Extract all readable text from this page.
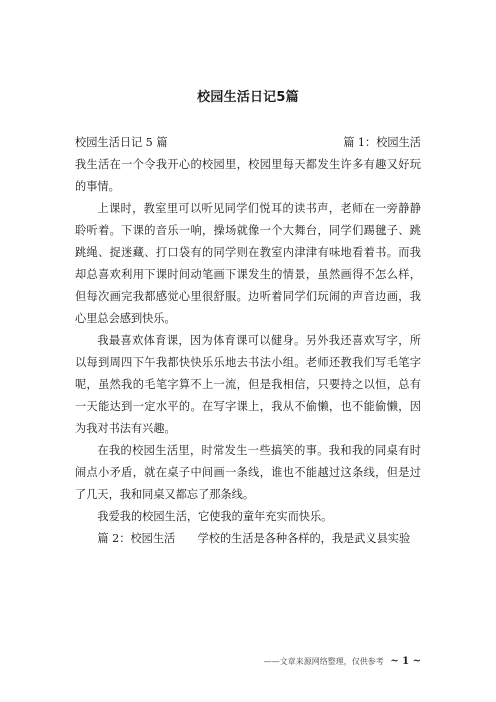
校园生活日记5篇
校园生活日记 5 篇	篇 1：校园生活

我生活在一个令我开心的校园里，校园里每天都发生许多有趣又好玩的事情。

上课时，教室里可以听见同学们悦耳的读书声，老师在一旁静静聆听着。下课的音乐一响，操场就像一个大舞台，同学们踢毽子、跳跳绳、捉迷藏、打口袋有的同学则在教室内津津有味地看着书。而我却总喜欢利用下课时间动笔画下课发生的情景，虽然画得不怎么样，但每次画完我都感觉心里很舒服。边听着同学们玩闹的声音边画，我心里总会感到快乐。

我最喜欢体育课，因为体育课可以健身。另外我还喜欢写字，所以每到周四下午我都快快乐乐地去书法小组。老师还教我们写毛笔字呢，虽然我的毛笔字算不上一流，但是我相信，只要持之以恒，总有一天能达到一定水平的。在写字课上，我从不偷懒，也不能偷懒，因为我对书法有兴趣。

在我的校园生活里，时常发生一些搞笑的事。我和我的同桌有时闹点小矛盾，就在桌子中间画一条线，谁也不能越过这条线，但是过了几天，我和同桌又都忘了那条线。

我爱我的校园生活，它使我的童年充实而快乐。

篇 2：校园生活　　学校的生活是各种各样的，我是武义县实验

——文章来源网络整理，仅供参考 ~ 1 ~
